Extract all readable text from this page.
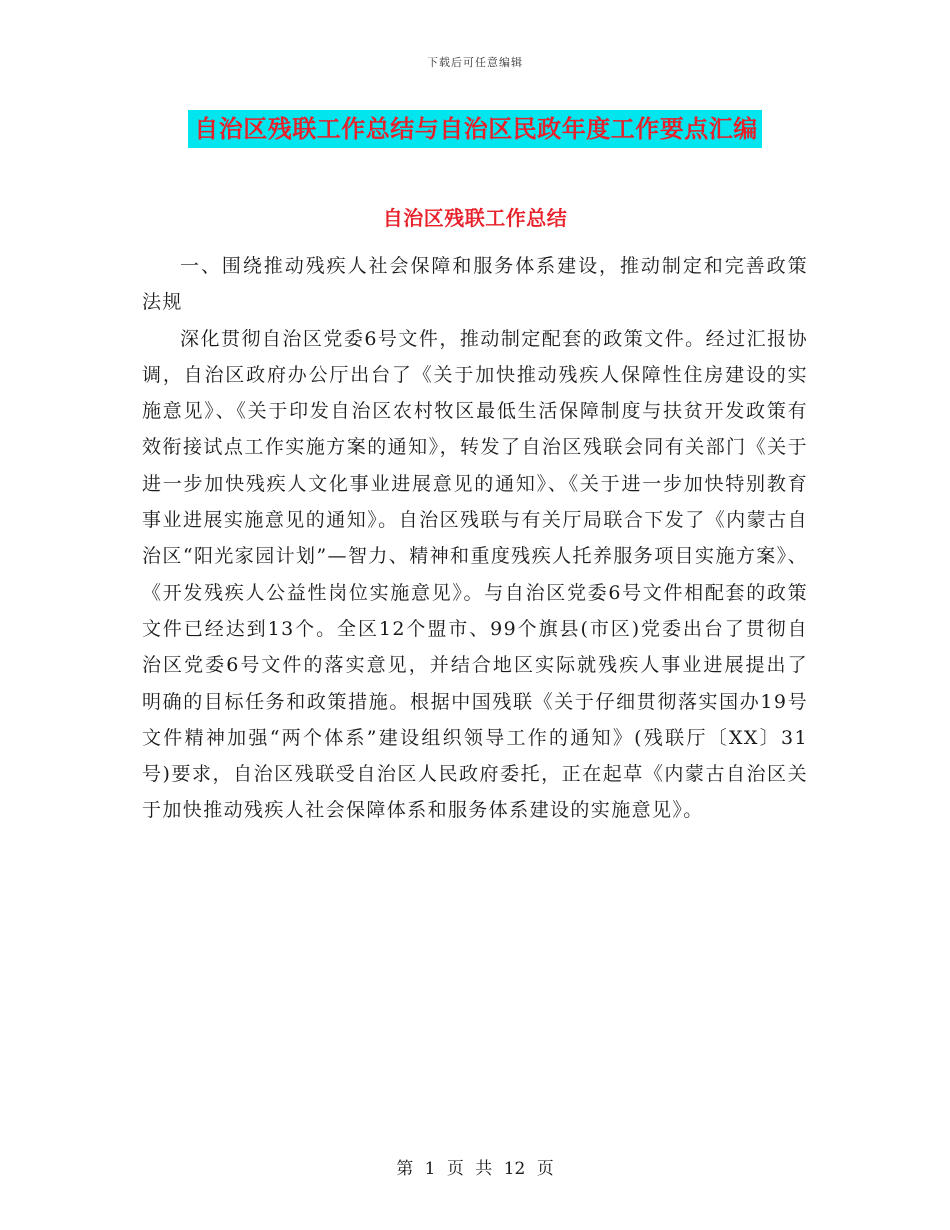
下载后可任意编辑
自治区残联工作总结与自治区民政年度工作要点汇编
自治区残联工作总结

一、围绕推动残疾人社会保障和服务体系建设，推动制定和完善政策法规

深化贯彻自治区党委6号文件，推动制定配套的政策文件。经过汇报协调，自治区政府办公厅出台了《关于加快推动残疾人保障性住房建设的实施意见》、《关于印发自治区农村牧区最低生活保障制度与扶贫开发政策有效衔接试点工作实施方案的通知》，转发了自治区残联会同有关部门《关于进一步加快残疾人文化事业进展意见的通知》、《关于进一步加快特别教育事业进展实施意见的通知》。自治区残联与有关厅局联合下发了《内蒙古自治区“阳光家园计划”—智力、精神和重度残疾人托养服务项目实施方案》、《开发残疾人公益性岗位实施意见》。与自治区党委6号文件相配套的政策文件已经达到13个。全区12个盟市、99个旗县(市区)党委出台了贯彻自治区党委6号文件的落实意见，并结合地区实际就残疾人事业进展提出了明确的目标任务和政策措施。根据中国残联《关于仔细贯彻落实国办19号文件精神加强“两个体系”建设组织领导工作的通知》(残联厅〔XX〕31号)要求，自治区残联受自治区人民政府委托，正在起草《内蒙古自治区关于加快推动残疾人社会保障体系和服务体系建设的实施意见》。

第 1 页 共 12 页
